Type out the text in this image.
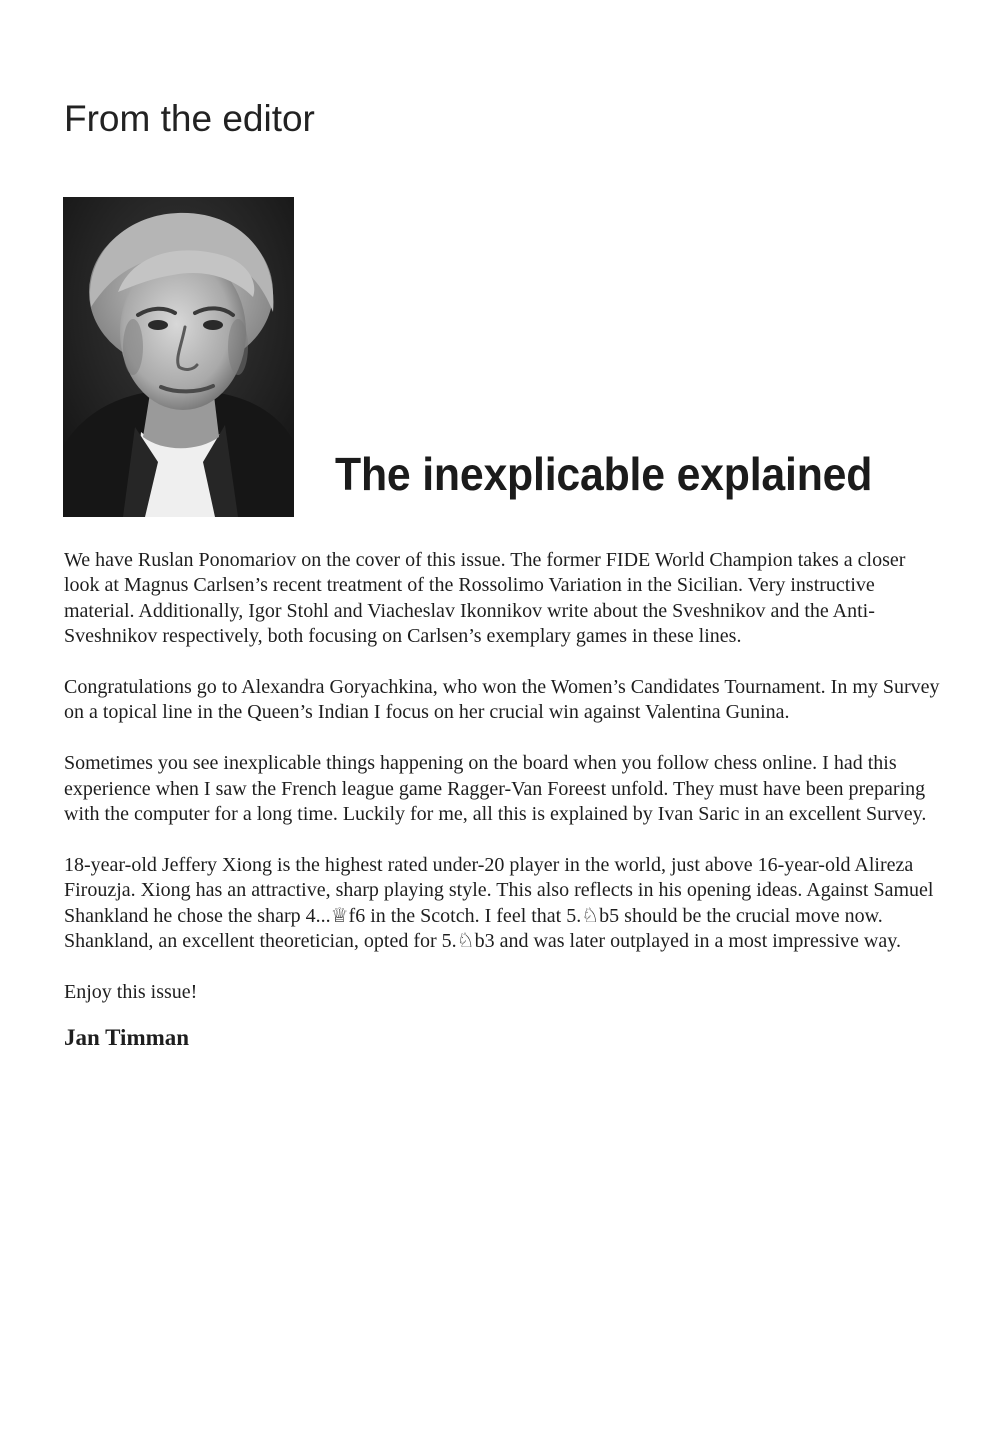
From the editor
The inexplicable explained

We have Ruslan Ponomariov on the cover of this issue. The former FIDE World Champion takes a closer look at Magnus Carlsen’s recent treatment of the Rossolimo Variation in the Sicilian. Very instructive material. Additionally, Igor Stohl and Viacheslav Ikonnikov write about the Sveshnikov and the Anti-Sveshnikov respectively, both focusing on Carlsen’s exemplary games in these lines.

Congratulations go to Alexandra Goryachkina, who won the Women’s Candidates Tournament. In my Survey on a topical line in the Queen’s Indian I focus on her crucial win against Valentina Gunina.

Sometimes you see inexplicable things happening on the board when you follow chess online. I had this experience when I saw the French league game Ragger-Van Foreest unfold. They must have been preparing with the computer for a long time. Luckily for me, all this is explained by Ivan Saric in an excellent Survey.

18-year-old Jeffery Xiong is the highest rated under-20 player in the world, just above 16-year-old Alireza Firouzja. Xiong has an attractive, sharp playing style. This also reflects in his opening ideas. Against Samuel Shankland he chose the sharp 4...♕f6 in the Scotch. I feel that 5.♘b5 should be the crucial move now. Shankland, an excellent theoretician, opted for 5.♘b3 and was later outplayed in a most impressive way.

Enjoy this issue!

Jan Timman
